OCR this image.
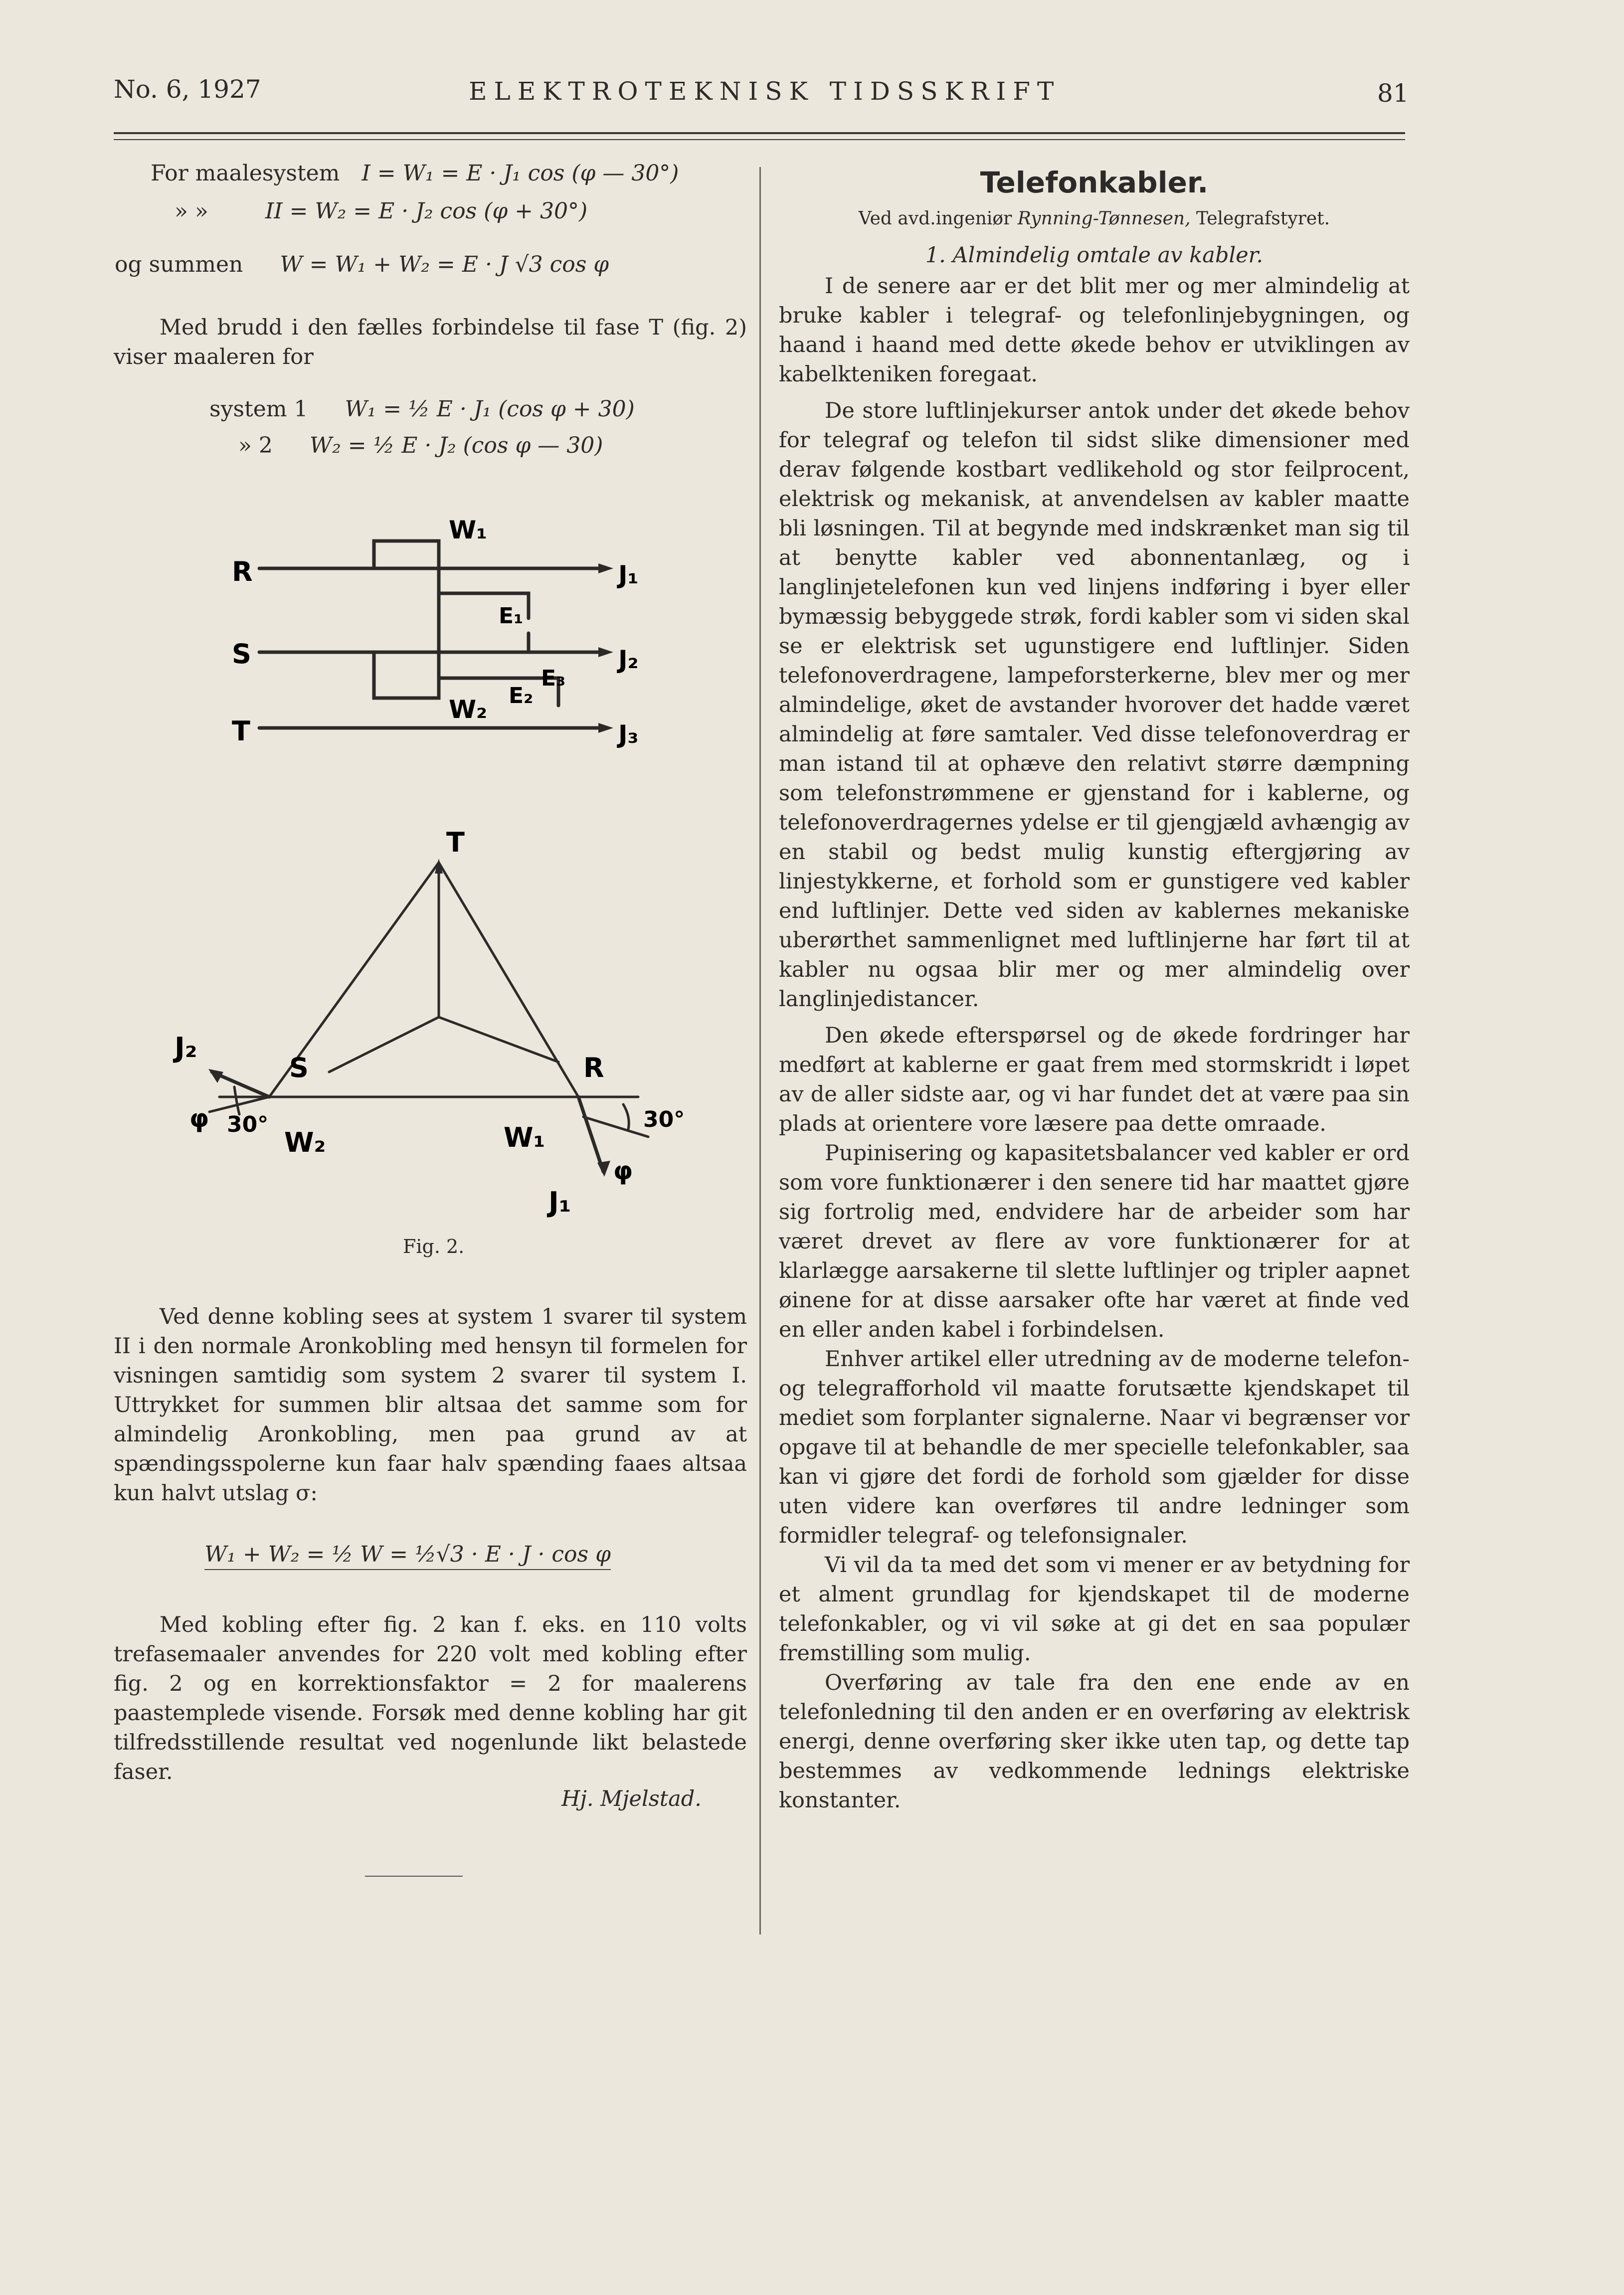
No. 6, 1927	ELEKTROTEKNISK TIDSSKRIFT	81
For maalesystem I = W₁ = E · J₁ cos (φ — 30°)
» »	II = W₂ = E · J₂ cos (φ + 30°)
og summen W = W₁ + W₂ = E · J √3 cos φ

Med brudd i den fælles forbindelse til fase T (fig. 2) viser maaleren for

system 1 W₁ = ½ E · J₁ (cos φ + 30)
» 2 W₂ = ½ E · J₂ (cos φ — 30)
R
S
T
W₁
W₂
E₁
E₂
E₃
J₁
J₂
J₃
T
S	R
J₂
J₁
φ
φ
30°	30°
W₂	W₁
Fig. 2.

Ved denne kobling sees at system 1 svarer til system II i den normale Aronkobling med hensyn til formelen for visningen samtidig som system 2 svarer til system I. Uttrykket for summen blir altsaa det samme som for almindelig Aronkobling, men paa grund av at spændingsspolerne kun faar halv spænding faaes altsaa kun halvt utslag σ:

W₁ + W₂ = ½ W = ½√3 · E · J · cos φ

Med kobling efter fig. 2 kan f. eks. en 110 volts trefasemaaler anvendes for 220 volt med kobling efter fig. 2 og en korrektionsfaktor = 2 for maalerens paastemplede visende. Forsøk med denne kobling har git tilfredsstillende resultat ved nogenlunde likt belastede faser.

Hj. Mjelstad.
Telefonkabler.
Ved avd.ingeniør Rynning-Tønnesen, Telegrafstyret.
1. Almindelig omtale av kabler.

I de senere aar er det blit mer og mer almindelig at bruke kabler i telegraf- og telefonlinjebygningen, og haand i haand med dette økede behov er utviklingen av kabelkteniken foregaat.

De store luftlinjekurser antok under det økede behov for telegraf og telefon til sidst slike dimensioner med derav følgende kostbart vedlikehold og stor feilprocent, elektrisk og mekanisk, at anvendelsen av kabler maatte bli løsningen. Til at begynde med indskrænket man sig til at benytte kabler ved abonnentanlæg, og i langlinjetelefonen kun ved linjens indføring i byer eller bymæssig bebyggede strøk, fordi kabler som vi siden skal se er elektrisk set ugunstigere end luftlinjer. Siden telefonoverdragene, lampeforsterkerne, blev mer og mer almindelige, øket de avstander hvorover det hadde været almindelig at føre samtaler. Ved disse telefonoverdrag er man istand til at ophæve den relativt større dæmpning som telefonstrømmene er gjenstand for i kablerne, og telefonoverdragernes ydelse er til gjengjæld avhængig av en stabil og bedst mulig kunstig eftergjøring av linjestykkerne, et forhold som er gunstigere ved kabler end luftlinjer. Dette ved siden av kablernes mekaniske uberørthet sammenlignet med luftlinjerne har ført til at kabler nu ogsaa blir mer og mer almindelig over langlinjedistancer.

Den økede efterspørsel og de økede fordringer har medført at kablerne er gaat frem med stormskridt i løpet av de aller sidste aar, og vi har fundet det at være paa sin plads at orientere vore læsere paa dette omraade.

Pupinisering og kapasitetsbalancer ved kabler er ord som vore funktionærer i den senere tid har maattet gjøre sig fortrolig med, endvidere har de arbeider som har været drevet av flere av vore funktionærer for at klarlægge aarsakerne til slette luftlinjer og tripler aapnet øinene for at disse aarsaker ofte har været at finde ved en eller anden kabel i forbindelsen.

Enhver artikel eller utredning av de moderne telefon- og telegrafforhold vil maatte forutsætte kjendskapet til mediet som forplanter signalerne. Naar vi begrænser vor opgave til at behandle de mer specielle telefonkabler, saa kan vi gjøre det fordi de forhold som gjælder for disse uten videre kan overføres til andre ledninger som formidler telegraf- og telefonsignaler.

Vi vil da ta med det som vi mener er av betydning for et alment grundlag for kjendskapet til de moderne telefonkabler, og vi vil søke at gi det en saa populær fremstilling som mulig.

Overføring av tale fra den ene ende av en telefonledning til den anden er en overføring av elektrisk energi, denne overføring sker ikke uten tap, og dette tap bestemmes av vedkommende lednings elektriske konstanter.
